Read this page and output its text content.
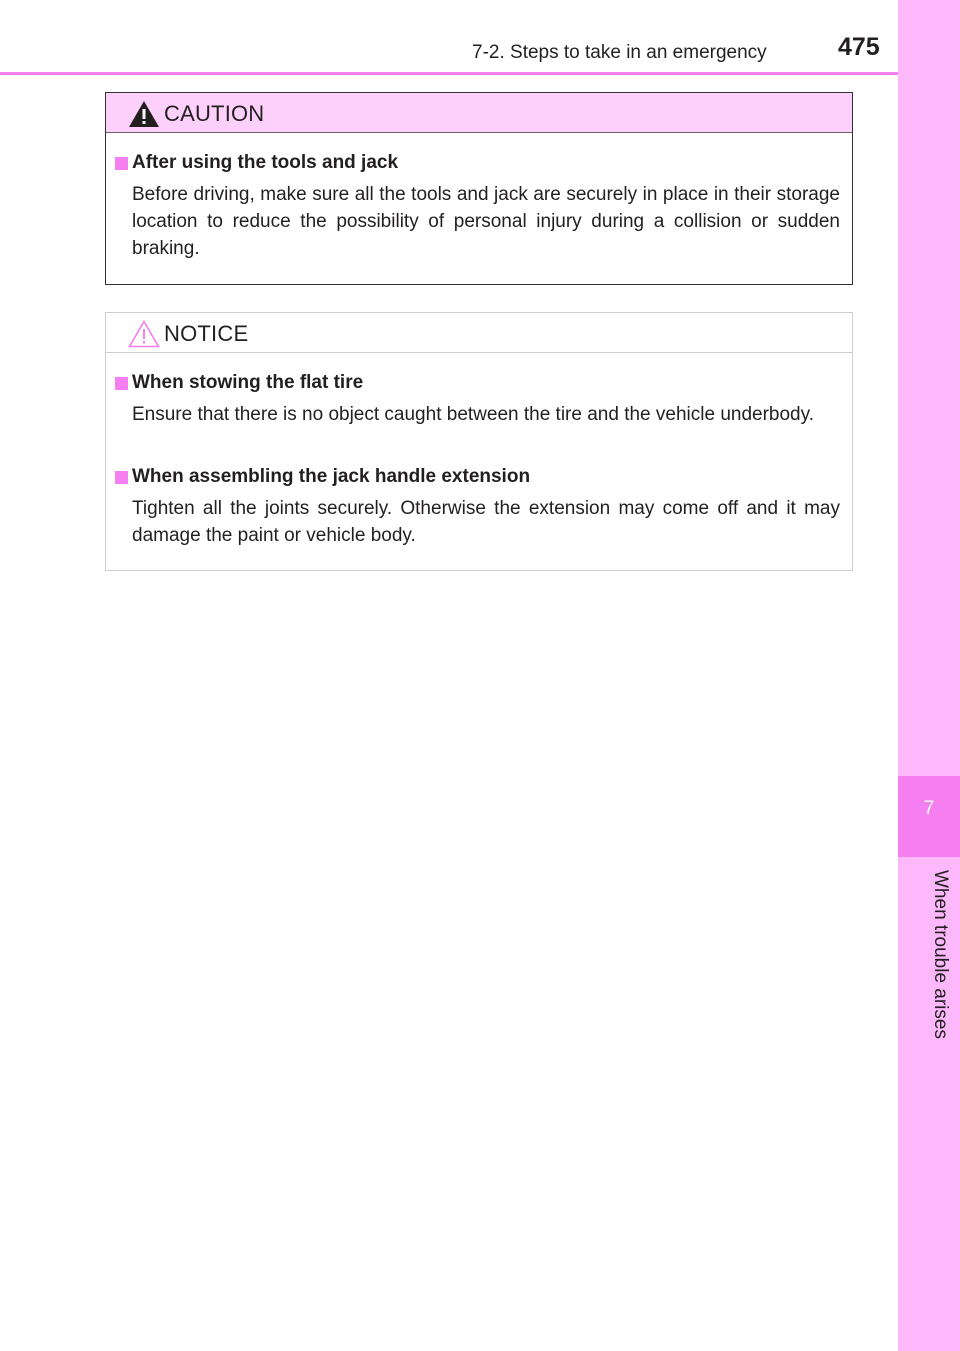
7-2. Steps to take in an emergency	475
7
When trouble arises
CAUTION
After using the tools and jack
Before driving, make sure all the tools and jack are securely in place in their storage location to reduce the possibility of personal injury during a collision or sudden braking.
NOTICE
When stowing the flat tire
Ensure that there is no object caught between the tire and the vehicle underbody.
When assembling the jack handle extension
Tighten all the joints securely. Otherwise the extension may come off and it may damage the paint or vehicle body.
